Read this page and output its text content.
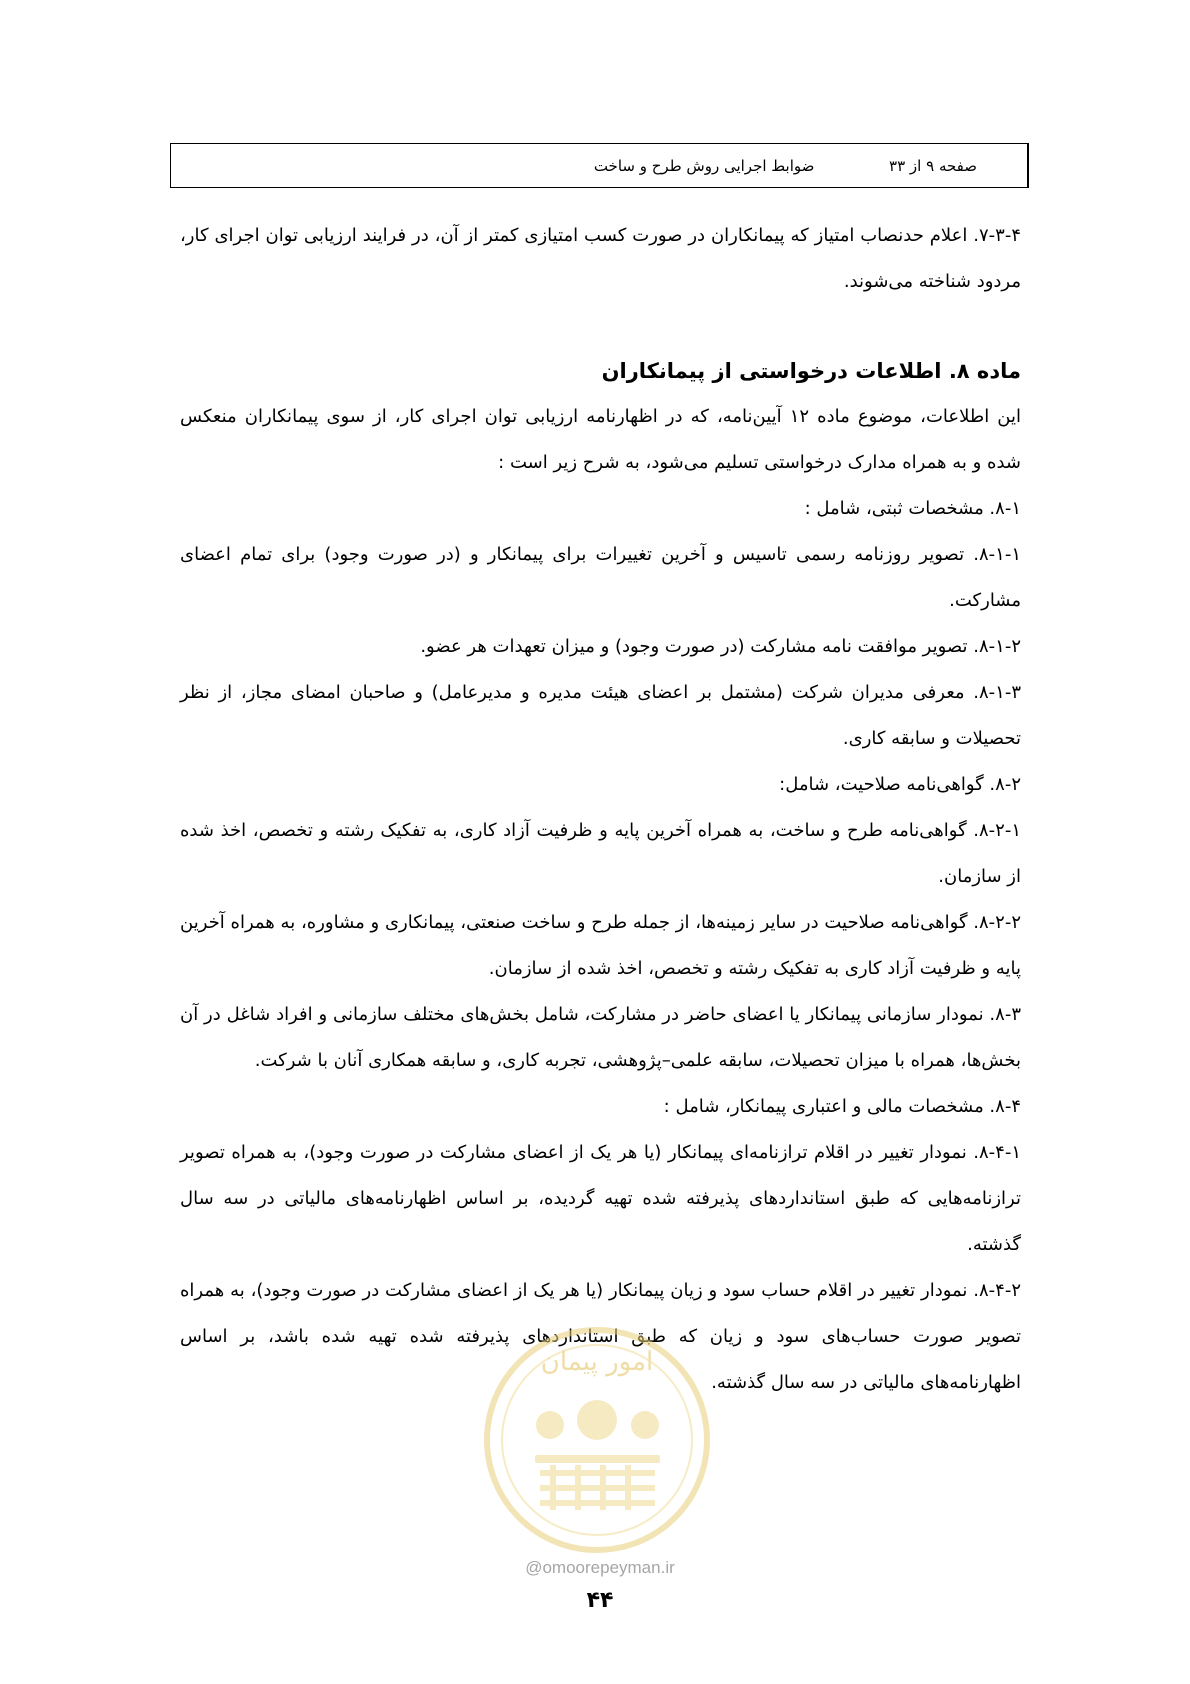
ضوابط اجرایی روش طرح و ساخت	صفحه ۹ از ۳۳

۷-۳-۴. اعلام حدنصاب امتیاز که پیمانکاران در صورت کسب امتیازی کمتر از آن، در فرایند ارزیابی توان اجرای کار، مردود شناخته می‌شوند.

ماده ۸. اطلاعات درخواستی از پیمانکاران

این اطلاعات، موضوع ماده ۱۲ آیین‌نامه، که در اظهارنامه ارزیابی توان اجرای کار، از سوی پیمانکاران منعکس شده و به همراه مدارک درخواستی تسلیم می‌شود، به شرح زیر است :

۸-۱. مشخصات ثبتی، شامل :

۸-۱-۱. تصویر روزنامه رسمی تاسیس و آخرین تغییرات برای پیمانکار و (در صورت وجود) برای تمام اعضای مشارکت.

۸-۱-۲. تصویر موافقت نامه مشارکت (در صورت وجود) و میزان تعهدات هر عضو.

۸-۱-۳. معرفی مدیران شرکت (مشتمل بر اعضای هیئت مدیره و مدیرعامل) و صاحبان امضای مجاز، از نظر تحصیلات و سابقه کاری.

۸-۲. گواهی‌نامه صلاحیت، شامل:

۸-۲-۱. گواهی‌نامه طرح و ساخت، به همراه آخرین پایه و ظرفیت آزاد کاری، به تفکیک رشته و تخصص، اخذ شده از سازمان.

۸-۲-۲. گواهی‌نامه صلاحیت در سایر زمینه‌ها، از جمله طرح و ساخت صنعتی، پیمانکاری و مشاوره، به همراه آخرین پایه و ظرفیت آزاد کاری به تفکیک رشته و تخصص، اخذ شده از سازمان.

۸-۳. نمودار سازمانی پیمانکار یا اعضای حاضر در مشارکت، شامل بخش‌های مختلف سازمانی و افراد شاغل در آن بخش‌ها، همراه با میزان تحصیلات، سابقه علمی–پژوهشی، تجربه کاری، و سابقه همکاری آنان با شرکت.

۸-۴. مشخصات مالی و اعتباری پیمانکار، شامل :

۸-۴-۱. نمودار تغییر در اقلام ترازنامه‌ای پیمانکار (یا هر یک از اعضای مشارکت در صورت وجود)، به همراه تصویر ترازنامه‌هایی که طبق استانداردهای پذیرفته شده تهیه گردیده، بر اساس اظهارنامه‌های مالیاتی در سه سال گذشته.

۸-۴-۲. نمودار تغییر در اقلام حساب سود و زیان پیمانکار (یا هر یک از اعضای مشارکت در صورت وجود)، به همراه تصویر صورت حساب‌های سود و زیان که طبق استانداردهای پذیرفته شده تهیه شده باشد، بر اساس اظهارنامه‌های مالیاتی در سه سال گذشته.

امور پیمان
@omoorepeyman.ir
۴۴
